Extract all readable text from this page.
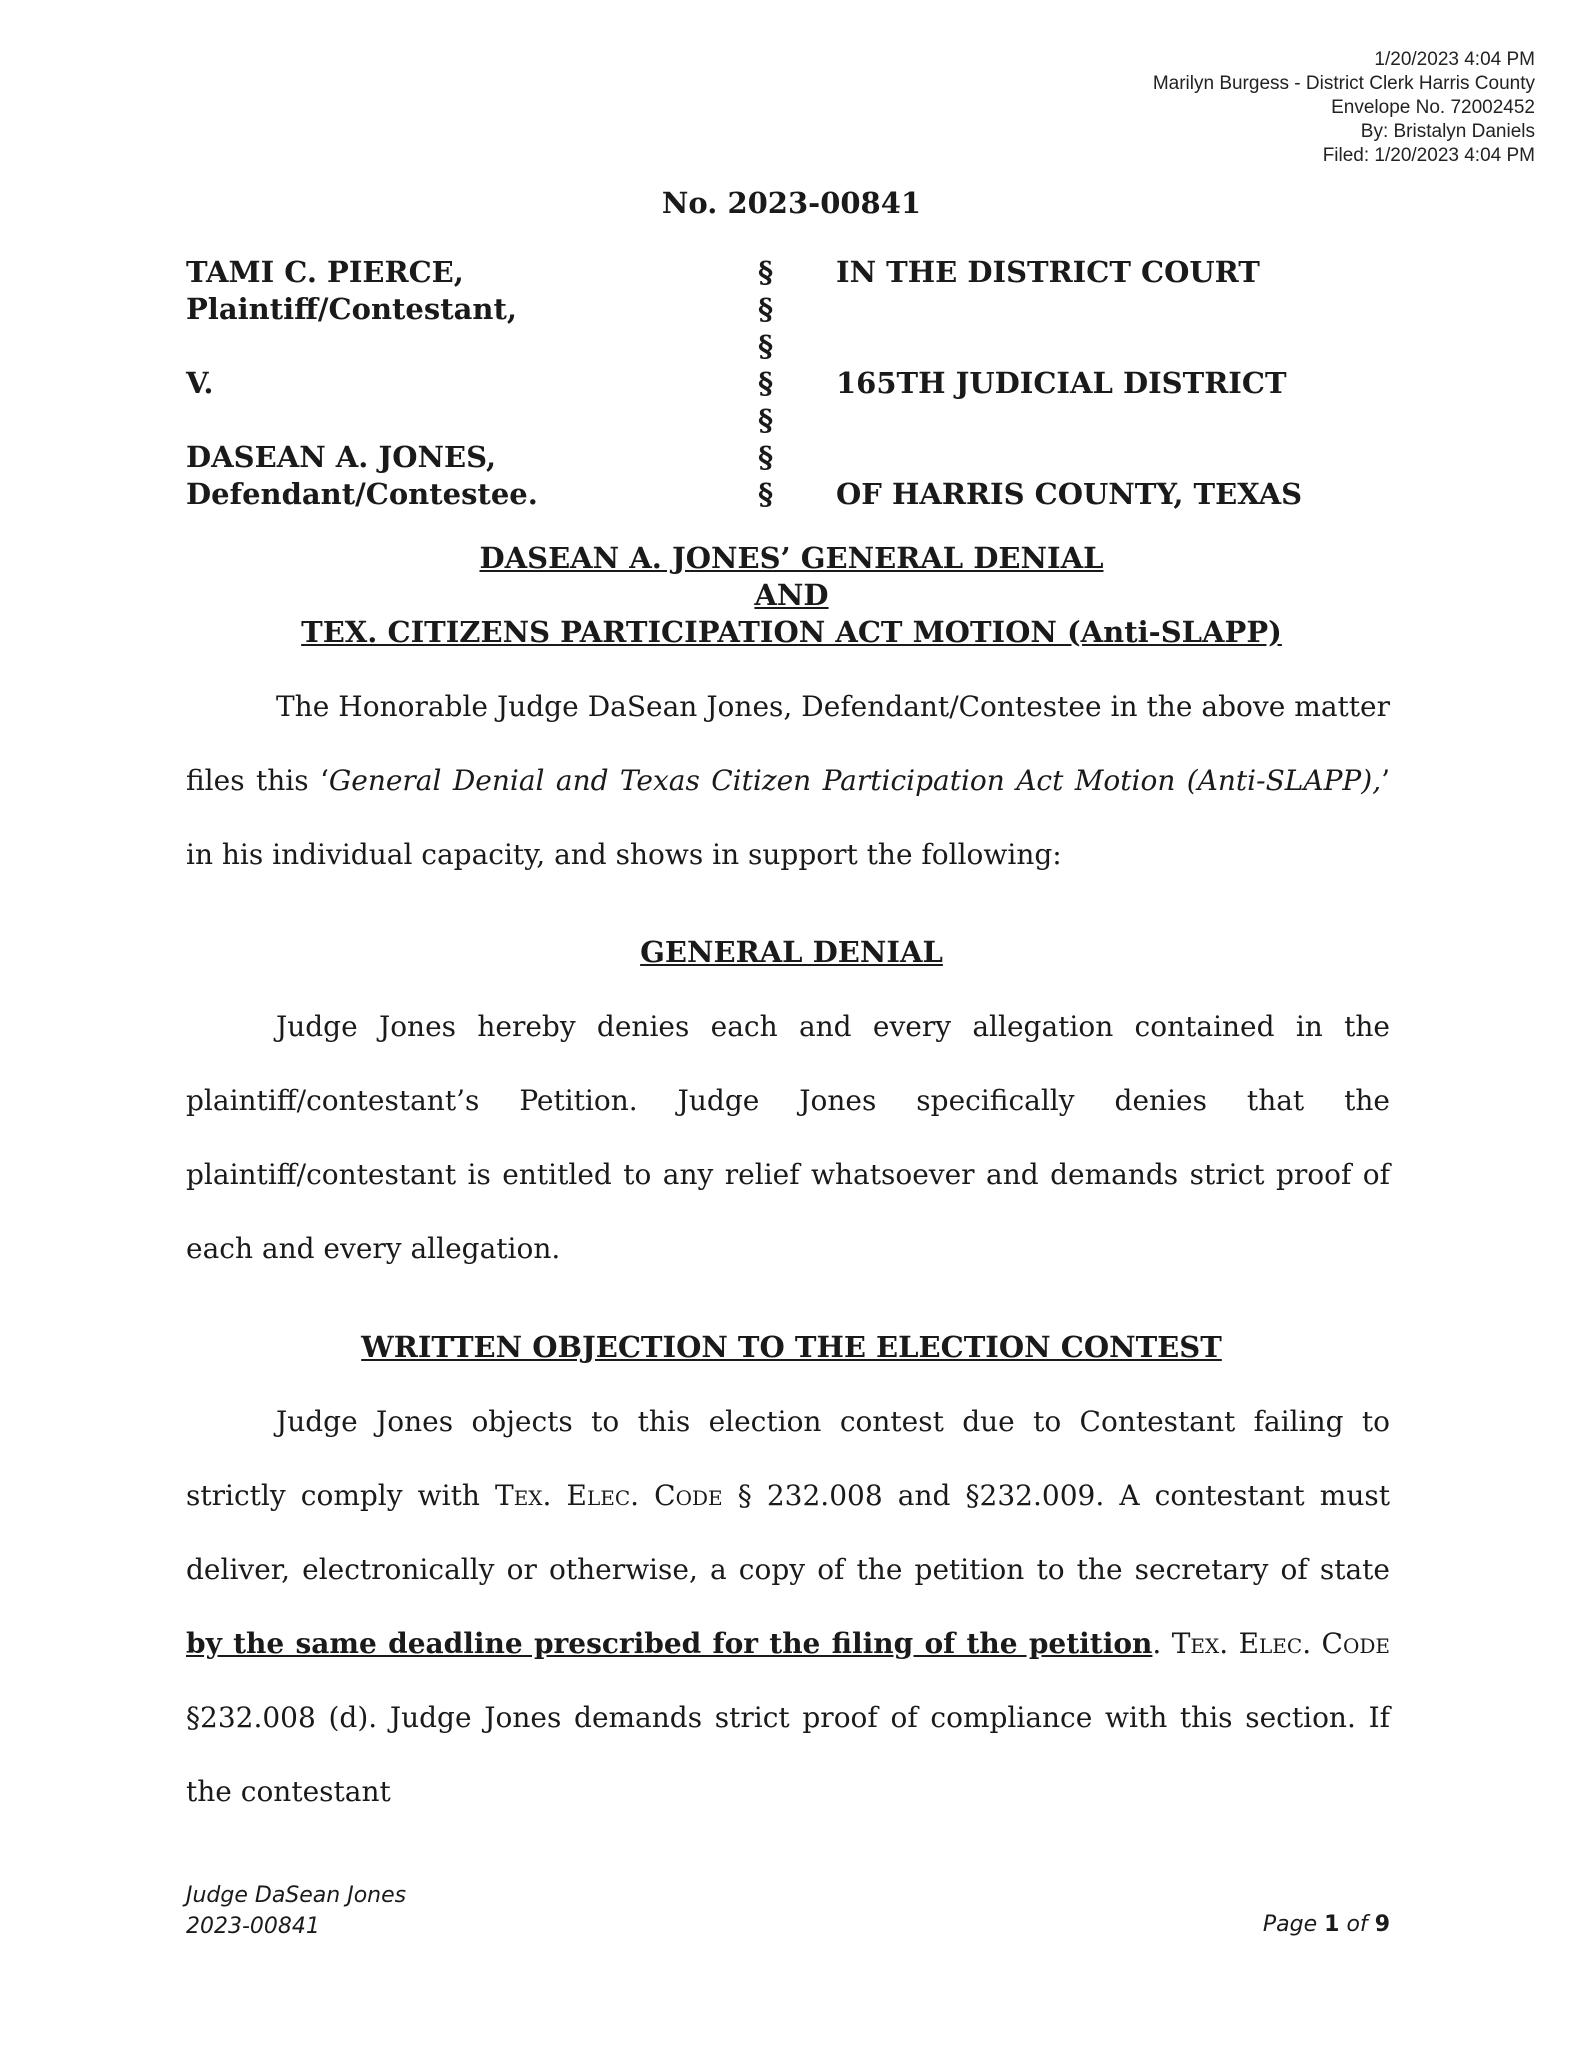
1/20/2023 4:04 PM
Marilyn Burgess - District Clerk Harris County
Envelope No. 72002452
By: Bristalyn Daniels
Filed: 1/20/2023 4:04 PM
No. 2023-00841
TAMI C. PIERCE,	§ IN THE DISTRICT COURT
Plaintiff/Contestant,	§
§
V.	§ 165TH JUDICIAL DISTRICT
§
DASEAN A. JONES,	§
Defendant/Contestee.	§ OF HARRIS COUNTY, TEXAS
DASEAN A. JONES’ GENERAL DENIAL
AND
TEX. CITIZENS PARTICIPATION ACT MOTION (Anti-SLAPP)

The Honorable Judge DaSean Jones, Defendant/Contestee in the above matter files this ‘General Denial and Texas Citizen Participation Act Motion (Anti-SLAPP),’ in his individual capacity, and shows in support the following:

GENERAL DENIAL

Judge Jones hereby denies each and every allegation contained in the plaintiff/contestant’s Petition. Judge Jones specifically denies that the plaintiff/contestant is entitled to any relief whatsoever and demands strict proof of each and every allegation.

WRITTEN OBJECTION TO THE ELECTION CONTEST

Judge Jones objects to this election contest due to Contestant failing to strictly comply with Tex. Elec. Code § 232.008 and §232.009. A contestant must deliver, electronically or otherwise, a copy of the petition to the secretary of state by the same deadline prescribed for the filing of the petition. Tex. Elec. Code §232.008 (d). Judge Jones demands strict proof of compliance with this section. If the contestant

Judge DaSean Jones
2023-00841	Page 1 of 9
